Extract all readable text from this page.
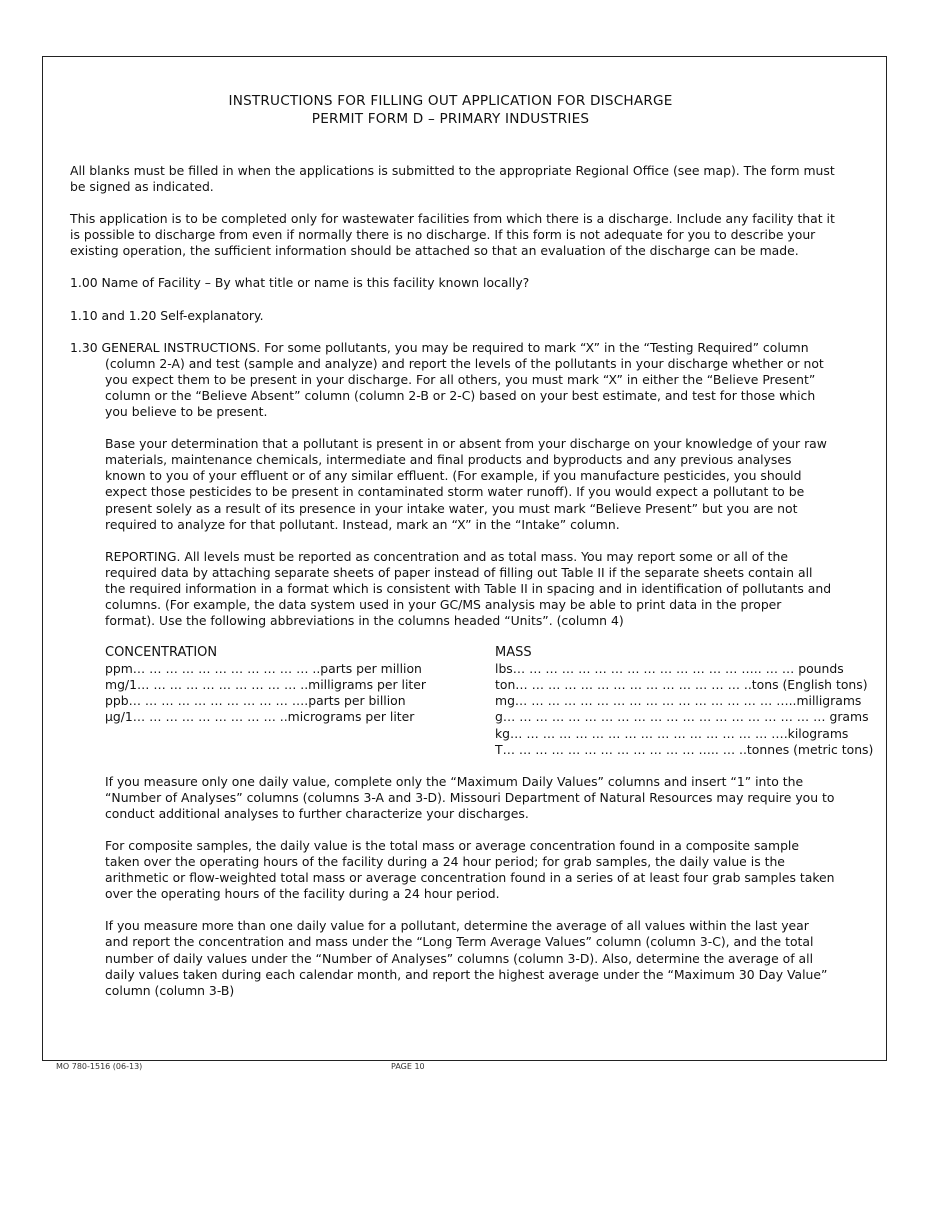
INSTRUCTIONS FOR FILLING OUT APPLICATION FOR DISCHARGE
PERMIT FORM D – PRIMARY INDUSTRIES

All blanks must be filled in when the applications is submitted to the appropriate Regional Office (see map). The form must be signed as indicated.

This application is to be completed only for wastewater facilities from which there is a discharge. Include any facility that it is possible to discharge from even if normally there is no discharge. If this form is not adequate for you to describe your existing operation, the sufficient information should be attached so that an evaluation of the discharge can be made.

1.00 Name of Facility – By what title or name is this facility known locally?

1.10 and 1.20 Self-explanatory.

1.30 GENERAL INSTRUCTIONS. For some pollutants, you may be required to mark “X” in the “Testing Required” column (column 2-A) and test (sample and analyze) and report the levels of the pollutants in your discharge whether or not you expect them to be present in your discharge. For all others, you must mark “X” in either the “Believe Present” column or the “Believe Absent” column (column 2-B or 2-C) based on your best estimate, and test for those which you believe to be present.

Base your determination that a pollutant is present in or absent from your discharge on your knowledge of your raw materials, maintenance chemicals, intermediate and final products and byproducts and any previous analyses known to you of your effluent or of any similar effluent. (For example, if you manufacture pesticides, you should expect those pesticides to be present in contaminated storm water runoff). If you would expect a pollutant to be present solely as a result of its presence in your intake water, you must mark “Believe Present” but you are not required to analyze for that pollutant. Instead, mark an “X” in the “Intake” column.

REPORTING. All levels must be reported as concentration and as total mass. You may report some or all of the required data by attaching separate sheets of paper instead of filling out Table II if the separate sheets contain all the required information in a format which is consistent with Table II in spacing and in identification of pollutants and columns. (For example, the data system used in your GC/MS analysis may be able to print data in the proper format). Use the following abbreviations in the columns headed “Units”. (column 4)

CONCENTRATION
ppm… … … … … … … … … … … ..parts per million
mg/1… … … … … … … … … … ..milligrams per liter
ppb… … … … … … … … … … ….parts per billion
µg/1… … … … … … … … … ..micrograms per liter
MASS
lbs… … … … … … … … … … … … … … ….. … … pounds
ton… … … … … … … … … … … … … … ..tons (English tons)
mg… … … … … … … … … … … … … … … … …..milligrams
g… … … … … … … … … … … … … … … … … … … … grams
kg… … … … … … … … … … … … … … … … ….kilograms
T… … … … … … … … … … … … ….. … ..tonnes (metric tons)

If you measure only one daily value, complete only the “Maximum Daily Values” columns and insert “1” into the “Number of Analyses” columns (columns 3-A and 3-D). Missouri Department of Natural Resources may require you to conduct additional analyses to further characterize your discharges.

For composite samples, the daily value is the total mass or average concentration found in a composite sample taken over the operating hours of the facility during a 24 hour period; for grab samples, the daily value is the arithmetic or flow-weighted total mass or average concentration found in a series of at least four grab samples taken over the operating hours of the facility during a 24 hour period.

If you measure more than one daily value for a pollutant, determine the average of all values within the last year and report the concentration and mass under the “Long Term Average Values” column (column 3-C), and the total number of daily values under the “Number of Analyses” columns (column 3-D). Also, determine the average of all daily values taken during each calendar month, and report the highest average under the “Maximum 30 Day Value” column (column 3-B)

MO 780-1516 (06-13)	PAGE 10
